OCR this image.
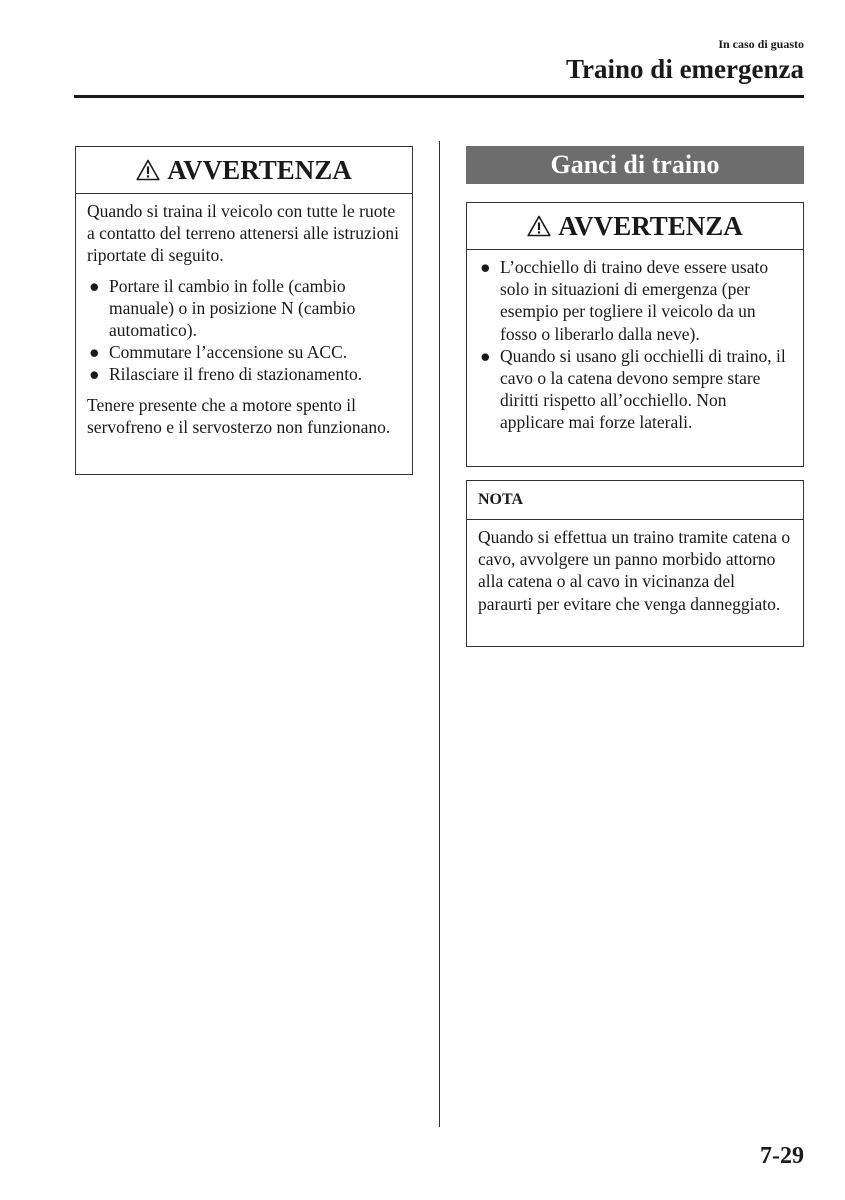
In caso di guasto
Traino di emergenza
AVVERTENZA

Quando si traina il veicolo con tutte le ruote a contatto del terreno attenersi alle istruzioni riportate di seguito.

● Portare il cambio in folle (cambio manuale) o in posizione N (cambio automatico).
● Commutare l’accensione su ACC.
● Rilasciare il freno di stazionamento.

Tenere presente che a motore spento il servofreno e il servosterzo non funzionano.

Ganci di traino
AVVERTENZA
● L’occhiello di traino deve essere usato solo in situazioni di emergenza (per esempio per togliere il veicolo da un fosso o liberarlo dalla neve).
● Quando si usano gli occhielli di traino, il cavo o la catena devono sempre stare diritti rispetto all’occhiello. Non applicare mai forze laterali.
NOTA

Quando si effettua un traino tramite catena o cavo, avvolgere un panno morbido attorno alla catena o al cavo in vicinanza del paraurti per evitare che venga danneggiato.

7-29
